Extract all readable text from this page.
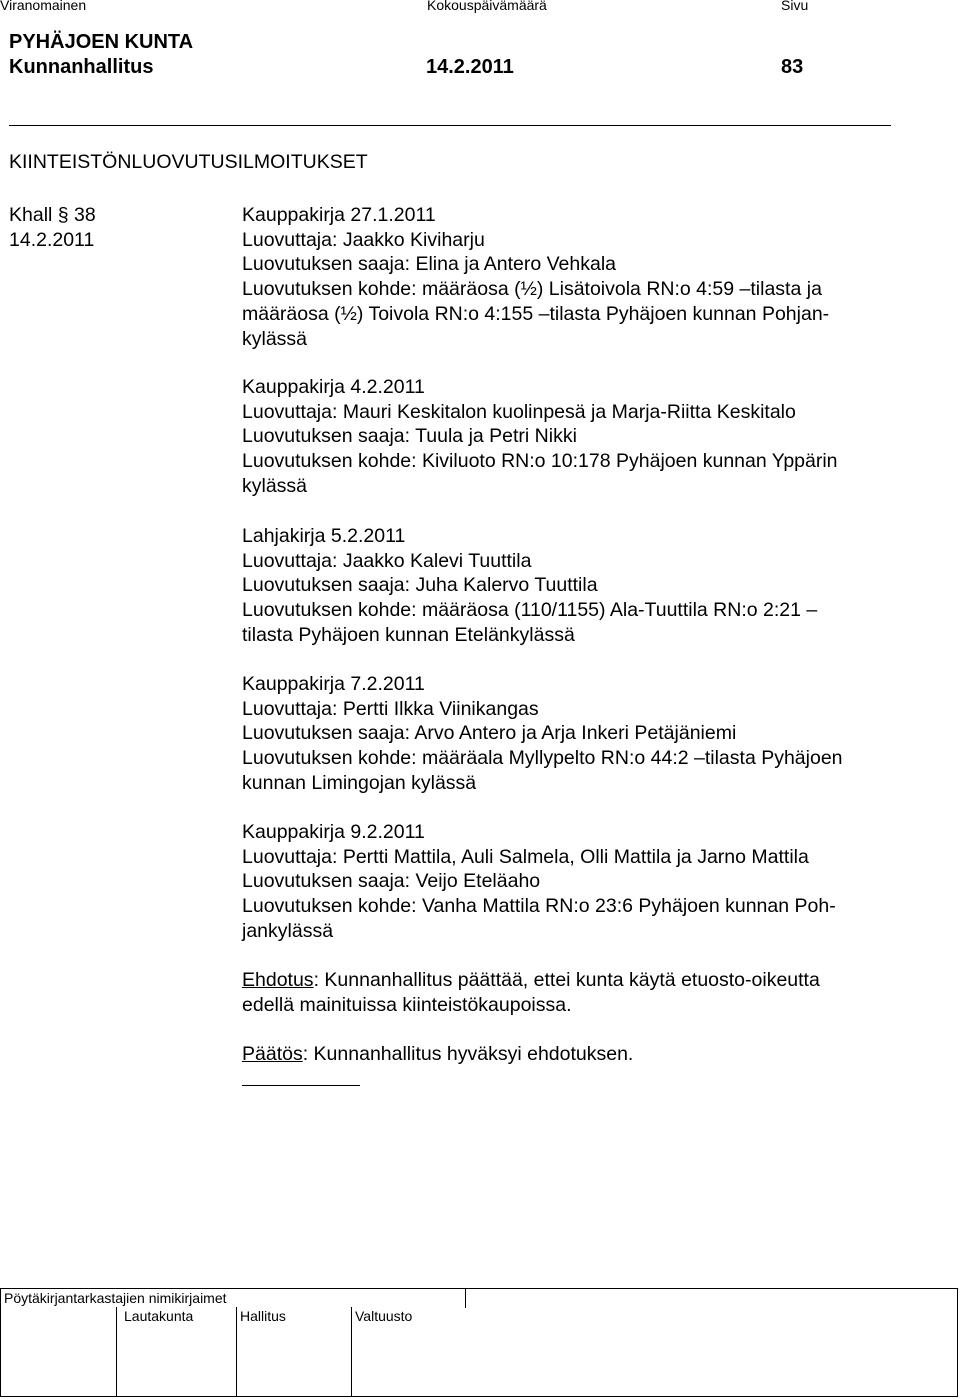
Viranomainen	Kokouspäivämäärä	Sivu
PYHÄJOEN KUNTA
Kunnanhallitus	14.2.2011	83
KIINTEISTÖNLUOVUTUSILMOITUKSET
Khall § 38
14.2.2011
Kauppakirja 27.1.2011
Luovuttaja: Jaakko Kiviharju
Luovutuksen saaja: Elina ja Antero Vehkala
Luovutuksen kohde: määräosa (½) Lisätoivola RN:o 4:59 –tilasta ja
määräosa (½) Toivola RN:o 4:155 –tilasta Pyhäjoen kunnan Pohjan-
kylässä
Kauppakirja 4.2.2011
Luovuttaja: Mauri Keskitalon kuolinpesä ja Marja-Riitta Keskitalo
Luovutuksen saaja: Tuula ja Petri Nikki
Luovutuksen kohde: Kiviluoto RN:o 10:178 Pyhäjoen kunnan Yppärin
kylässä
Lahjakirja 5.2.2011
Luovuttaja: Jaakko Kalevi Tuuttila
Luovutuksen saaja: Juha Kalervo Tuuttila
Luovutuksen kohde: määräosa (110/1155) Ala-Tuuttila RN:o 2:21 –
tilasta Pyhäjoen kunnan Etelänkylässä
Kauppakirja 7.2.2011
Luovuttaja: Pertti Ilkka Viinikangas
Luovutuksen saaja: Arvo Antero ja Arja Inkeri Petäjäniemi
Luovutuksen kohde: määräala Myllypelto RN:o 44:2 –tilasta Pyhäjoen
kunnan Limingojan kylässä
Kauppakirja 9.2.2011
Luovuttaja: Pertti Mattila, Auli Salmela, Olli Mattila ja Jarno Mattila
Luovutuksen saaja: Veijo Eteläaho
Luovutuksen kohde: Vanha Mattila RN:o 23:6 Pyhäjoen kunnan Poh-
jankylässä
Ehdotus: Kunnanhallitus päättää, ettei kunta käytä etuosto-oikeutta
edellä mainituissa kiinteistökaupoissa.
Päätös: Kunnanhallitus hyväksyi ehdotuksen.
Pöytäkirjantarkastajien nimikirjaimet
Lautakunta	Hallitus	Valtuusto
